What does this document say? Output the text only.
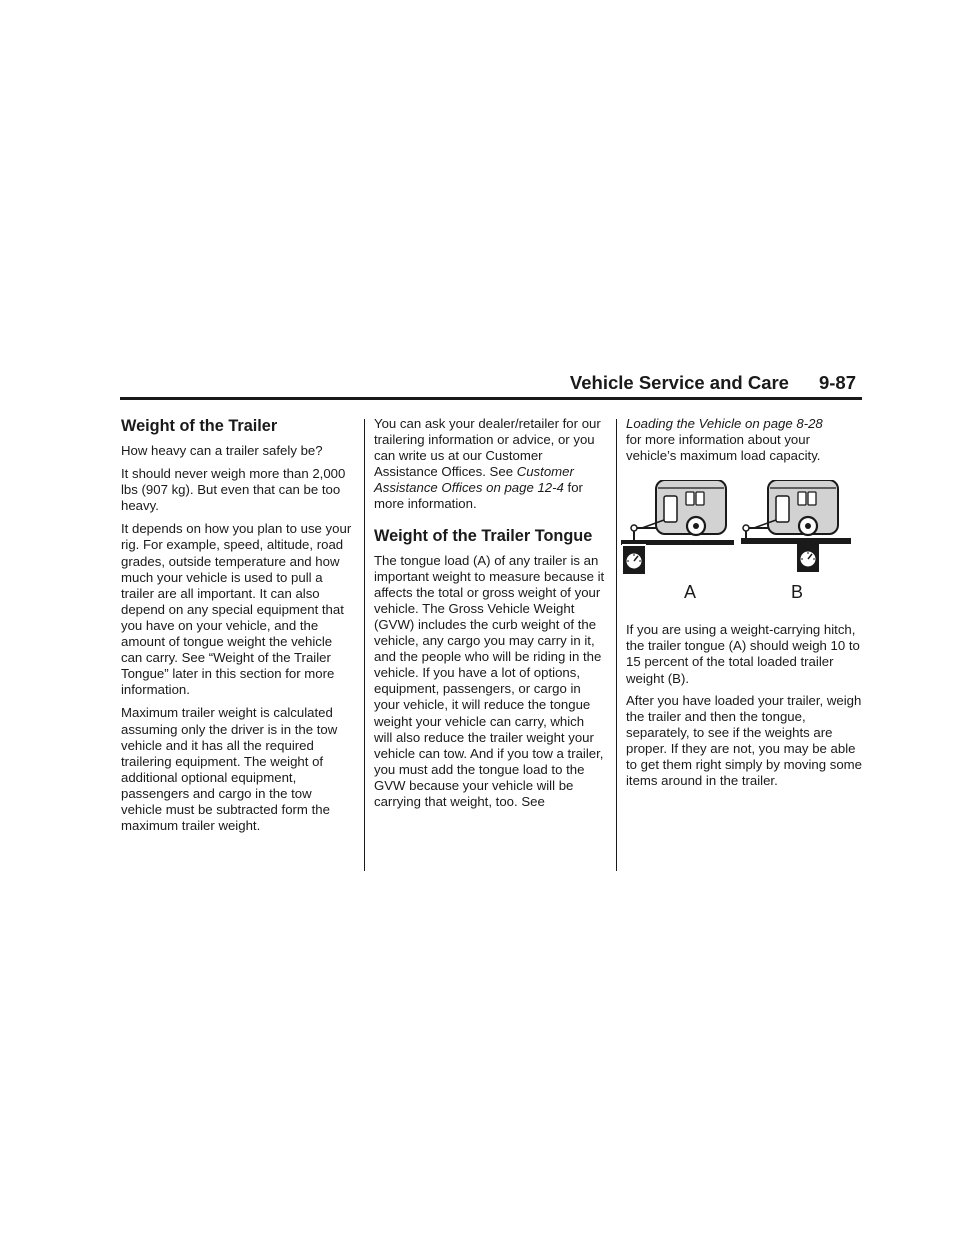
Vehicle Service and Care 9-87
Weight of the Trailer

How heavy can a trailer safely be?

It should never weigh more than 2,000 lbs (907 kg). But even that can be too heavy.

It depends on how you plan to use your rig. For example, speed, altitude, road grades, outside temperature and how much your vehicle is used to pull a trailer are all important. It can also depend on any special equipment that you have on your vehicle, and the amount of tongue weight the vehicle can carry. See “Weight of the Trailer Tongue” later in this section for more information.

Maximum trailer weight is calculated assuming only the driver is in the tow vehicle and it has all the required trailering equipment. The weight of additional optional equipment, passengers and cargo in the tow vehicle must be subtracted form the maximum trailer weight.

You can ask your dealer/retailer for our trailering information or advice, or you can write us at our Customer Assistance Offices. See Customer Assistance Offices on page 12-4 for more information.

Weight of the Trailer Tongue

The tongue load (A) of any trailer is an important weight to measure because it affects the total or gross weight of your vehicle. The Gross Vehicle Weight (GVW) includes the curb weight of the vehicle, any cargo you may carry in it, and the people who will be riding in the vehicle. If you have a lot of options, equipment, passengers, or cargo in your vehicle, it will reduce the tongue weight your vehicle can carry, which will also reduce the trailer weight your vehicle can tow. And if you tow a trailer, you must add the tongue load to the GVW because your vehicle will be carrying that weight, too. See

Loading the Vehicle on page 8-28
for more information about your vehicle’s maximum load capacity.

A	B

If you are using a weight-carrying hitch, the trailer tongue (A) should weigh 10 to 15 percent of the total loaded trailer weight (B).

After you have loaded your trailer, weigh the trailer and then the tongue, separately, to see if the weights are proper. If they are not, you may be able to get them right simply by moving some items around in the trailer.
